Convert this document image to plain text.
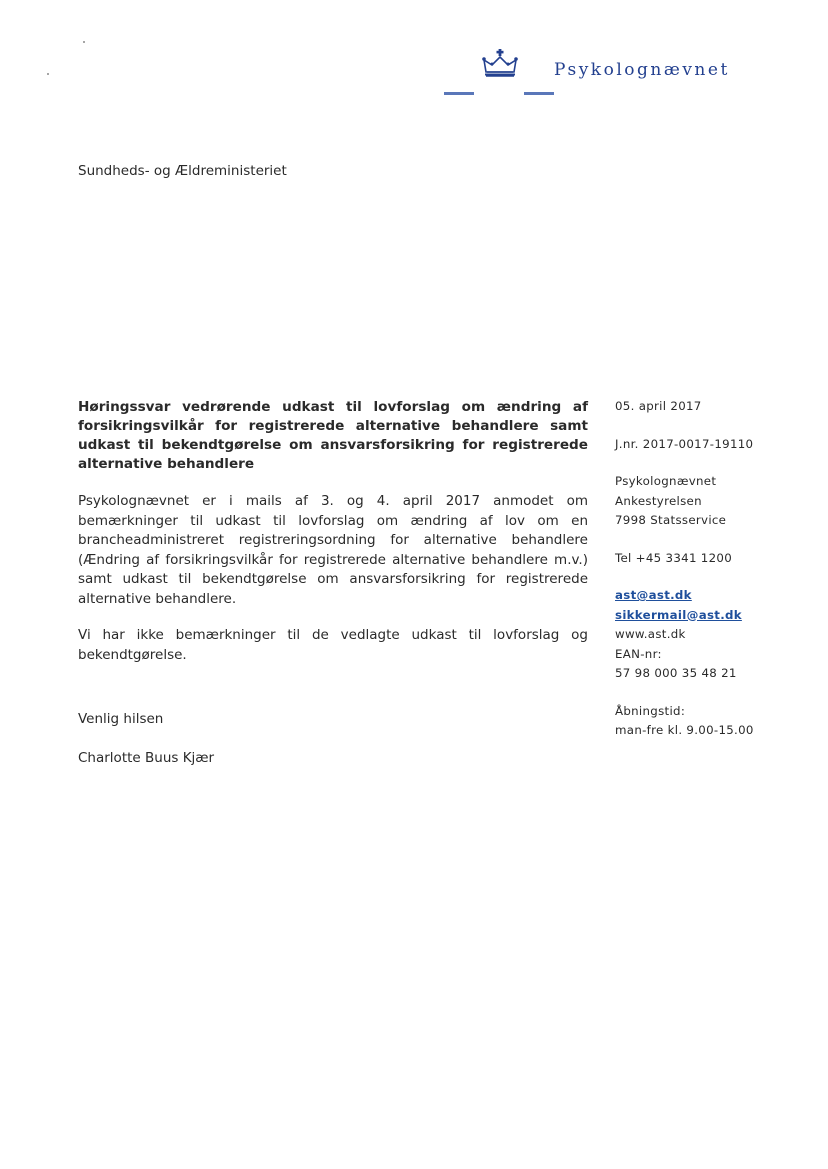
Psykolognævnet
Sundheds- og Ældreministeriet

Høringssvar vedrørende udkast til lovforslag om ændring af forsikringsvilkår for registrerede alternative behandlere samt udkast til bekendtgørelse om ansvarsforsikring for registrerede alternative behandlere

Psykolognævnet er i mails af 3. og 4. april 2017 anmodet om bemærkninger til udkast til lovforslag om ændring af lov om en brancheadministreret registreringsordning for alternative behandlere (Ændring af forsikringsvilkår for registrerede alternative behandlere m.v.) samt udkast til bekendtgørelse om ansvarsforsikring for registrerede alternative behandlere.

Vi har ikke bemærkninger til de vedlagte udkast til lovforslag og bekendtgørelse.

Venlig hilsen
Charlotte Buus Kjær
05. april 2017
J.nr. 2017-0017-19110
Psykolognævnet
Ankestyrelsen
7998 Statsservice
Tel +45 3341 1200
ast@ast.dk
sikkermail@ast.dk
www.ast.dk
EAN-nr:
57 98 000 35 48 21
Åbningstid:
man-fre kl. 9.00-15.00
